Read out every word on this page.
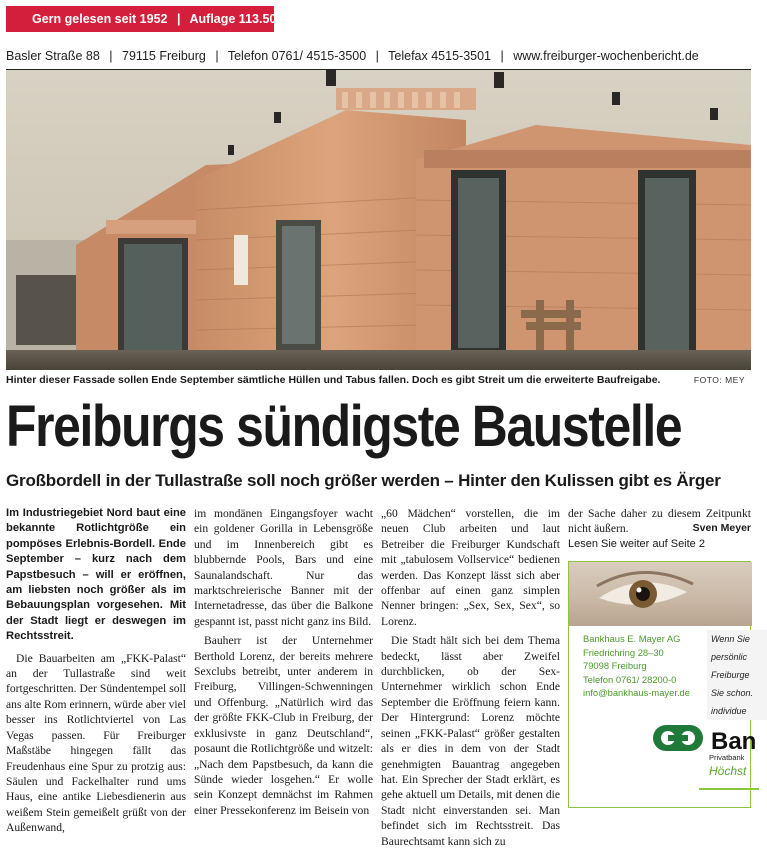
Gern gelesen seit 1952 | Auflage 113.500
Basler Straße 88 | 79115 Freiburg | Telefon 0761/ 4515-3500 | Telefax 4515-3501 | www.freiburger-wochenbericht.de
Hinter dieser Fassade sollen Ende September sämtliche Hüllen und Tabus fallen. Doch es gibt Streit um die erweiterte Baufreigabe.	FOTO: MEY
Freiburgs sündigste Baustelle
Großbordell in der Tullastraße soll noch größer werden – Hinter den Kulissen gibt es Ärger

Im Industriegebiet Nord baut eine bekannte Rotlichtgröße ein pompöses Erlebnis-Bordell. Ende September – kurz nach dem Papstbesuch – will er eröffnen, am liebsten noch größer als im Bebauungsplan vorgesehen. Mit der Stadt liegt er deswegen im Rechtsstreit.

Die Bauarbeiten am „FKK-Palast“ an der Tullastraße sind weit fortgeschritten. Der Sündentempel soll ans alte Rom erinnern, würde aber viel besser ins Rotlichtviertel von Las Vegas passen. Für Freiburger Maßstäbe hingegen fällt das Freudenhaus eine Spur zu protzig aus: Säulen und Fackelhalter rund ums Haus, eine antike Liebesdienerin aus weißem Stein gemeißelt grüßt von der Außenwand,

im mondänen Eingangsfoyer wacht ein goldener Gorilla in Lebensgröße und im Innenbereich gibt es blubbernde Pools, Bars und eine Saunalandschaft. Nur das marktschreierische Banner mit der Internetadresse, das über die Balkone gespannt ist, passt nicht ganz ins Bild.

Bauherr ist der Unternehmer Berthold Lorenz, der bereits mehrere Sexclubs betreibt, unter anderem in Freiburg, Villingen-Schwenningen und Offenburg. „Natürlich wird das der größte FKK-Club in Freiburg, der exklusivste in ganz Deutschland“, posaunt die Rotlichtgröße und witzelt: „Nach dem Papstbesuch, da kann die Sünde wieder losgehen.“ Er wolle sein Konzept demnächst im Rahmen einer Pressekonferenz im Beisein von

„60 Mädchen“ vorstellen, die im neuen Club arbeiten und laut Betreiber die Freiburger Kundschaft mit „tabulosem Vollservice“ bedienen werden. Das Konzept lässt sich aber offenbar auf einen ganz simplen Nenner bringen: „Sex, Sex, Sex“, so Lorenz.

Die Stadt hält sich bei dem Thema bedeckt, lässt aber Zweifel durchblicken, ob der Sex-Unternehmer wirklich schon Ende September die Eröffnung feiern kann. Der Hintergrund: Lorenz möchte seinen „FKK-Palast“ größer gestalten als er dies in dem von der Stadt genehmigten Bauantrag angegeben hat. Ein Sprecher der Stadt erklärt, es gehe aktuell um Details, mit denen die Stadt nicht einverstanden sei. Man befindet sich im Rechtsstreit. Das Baurechtsamt kann sich zu

der Sache daher zu diesem Zeitpunkt nicht äußern.	Sven Meyer

Lesen Sie weiter auf Seite 2

Bankhaus E. Mayer AG
Friedrichring 28–30
79098 Freiburg
Telefon 0761/ 28200-0
info@bankhaus-mayer.de
Wenn Sie
persönlic
Freiburge
Sie schon.
individue
Ban
Privatbank
Höchst
